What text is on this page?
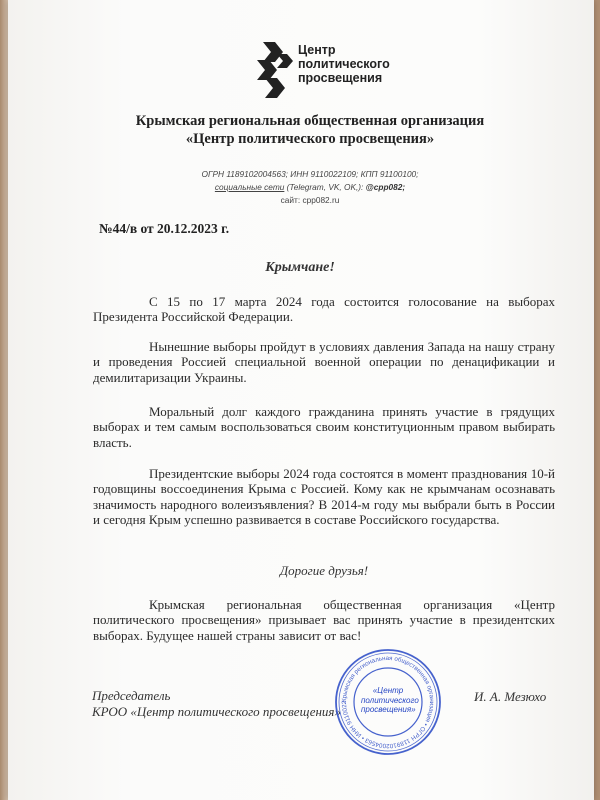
Центр
политического
просвещения
Крымская региональная общественная организация
«Центр политического просвещения»
ОГРН 1189102004563; ИНН 9110022109; КПП 91100100;
социальные сети (Telegram, VK, OK,): @cpp082;
сайт: cpp082.ru
№44/в от 20.12.2023 г.
Крымчане!

С 15 по 17 марта 2024 года состоится голосование на выборах Президента Российской Федерации.

Нынешние выборы пройдут в условиях давления Запада на нашу страну и проведения Россией специальной военной операции по денацификации и демилитаризации Украины.

Моральный долг каждого гражданина принять участие в грядущих выборах и тем самым воспользоваться своим конституционным правом выбирать власть.

Президентские выборы 2024 года состоятся в момент празднования 10-й годовщины воссоединения Крыма с Россией. Кому как не крымчанам осознавать значимость народного волеизъявления? В 2014-м году мы выбрали быть в России и сегодня Крым успешно развивается в составе Российского государства.

Дорогие друзья!

Крымская региональная общественная организация «Центр политического просвещения» призывает вас принять участие в президентских выборах. Будущее нашей страны зависит от вас!

Председатель
КРОО «Центр политического просвещения»
И. А. Мезюхо
Крымская региональная общественная организация • ОГРН 1189102004563 • ИНН 9110022
«Центр
политического
просвещения»
